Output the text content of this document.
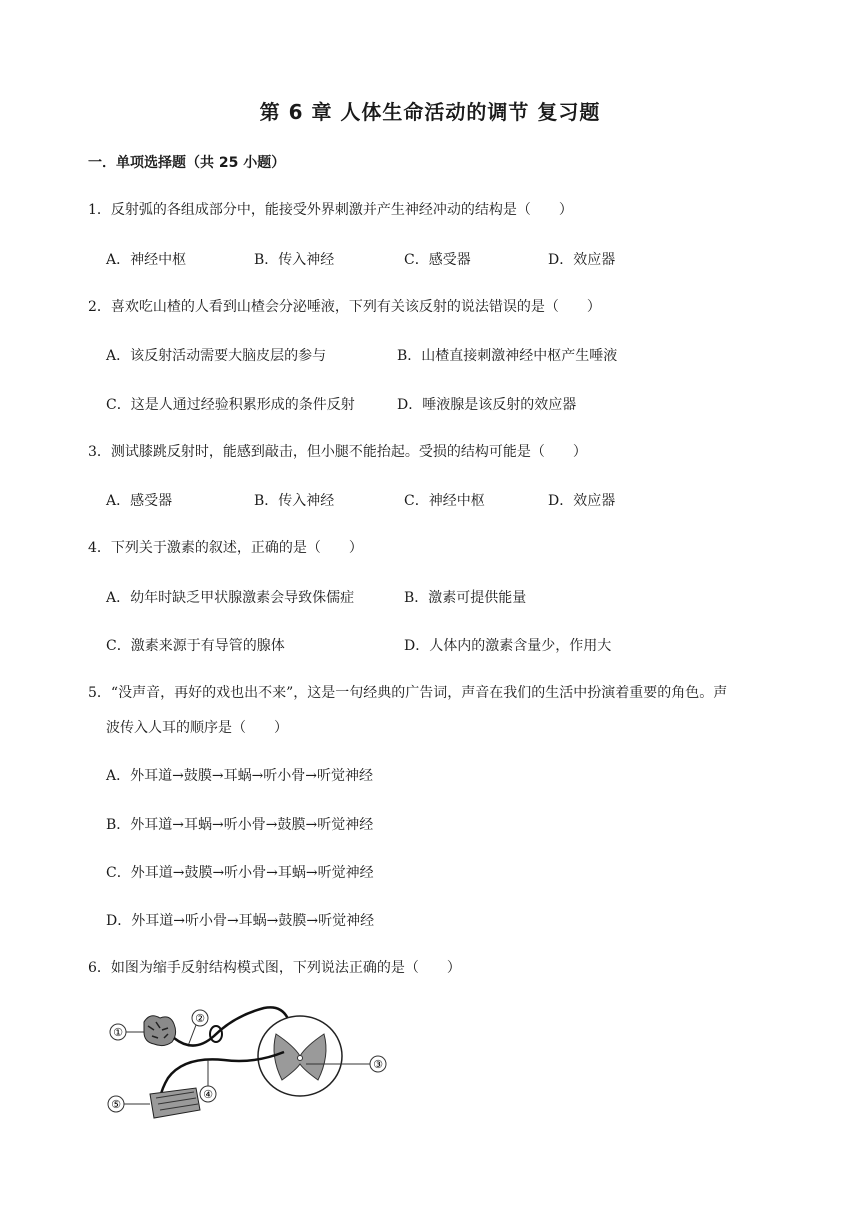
第 6 章 人体生命活动的调节 复习题
一．单项选择题（共 25 小题）
1．反射弧的各组成部分中，能接受外界刺激并产生神经冲动的结构是（　　）
A．神经中枢	B．传入神经	C．感受器	D．效应器
2．喜欢吃山楂的人看到山楂会分泌唾液，下列有关该反射的说法错误的是（　　）
A．该反射活动需要大脑皮层的参与	B．山楂直接刺激神经中枢产生唾液
C．这是人通过经验积累形成的条件反射	D．唾液腺是该反射的效应器
3．测试膝跳反射时，能感到敲击，但小腿不能抬起。受损的结构可能是（　　）
A．感受器	B．传入神经	C．神经中枢	D．效应器
4．下列关于激素的叙述，正确的是（　　）
A．幼年时缺乏甲状腺激素会导致侏儒症	B．激素可提供能量
C．激素来源于有导管的腺体	D．人体内的激素含量少，作用大
5．“没声音，再好的戏也出不来”，这是一句经典的广告词，声音在我们的生活中扮演着重要的角色。声
波传入人耳的顺序是（　　）
A．外耳道→鼓膜→耳蜗→听小骨→听觉神经
B．外耳道→耳蜗→听小骨→鼓膜→听觉神经
C．外耳道→鼓膜→听小骨→耳蜗→听觉神经
D．外耳道→听小骨→耳蜗→鼓膜→听觉神经
6．如图为缩手反射结构模式图，下列说法正确的是（　　）
①
②
③
④
⑤
